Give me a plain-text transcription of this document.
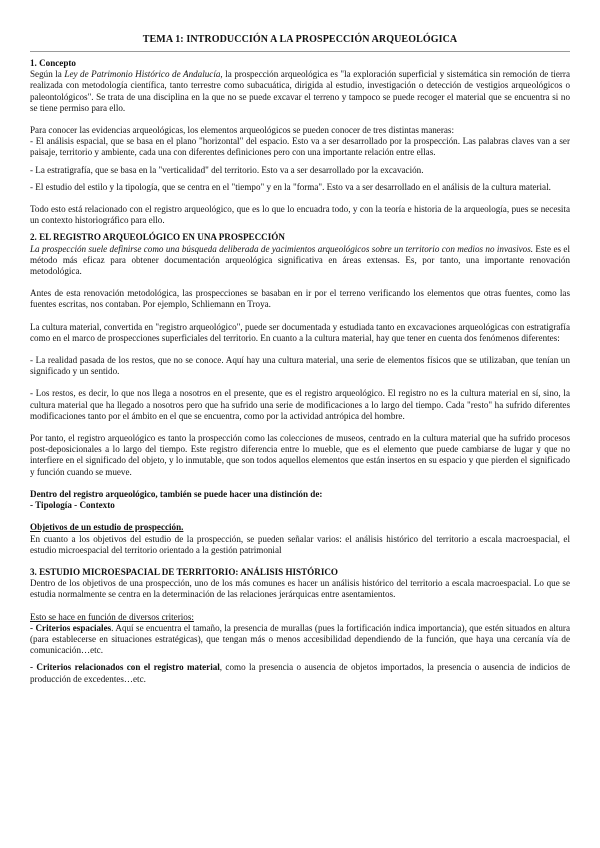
TEMA 1: INTRODUCCIÓN A LA PROSPECCIÓN ARQUEOLÓGICA

1. Concepto

Según la Ley de Patrimonio Histórico de Andalucía, la prospección arqueológica es "la exploración superficial y sistemática sin remoción de tierra realizada con metodología científica, tanto terrestre como subacuática, dirigida al estudio, investigación o detección de vestigios arqueológicos o paleontológicos". Se trata de una disciplina en la que no se puede excavar el terreno y tampoco se puede recoger el material que se encuentra si no se tiene permiso para ello.

Para conocer las evidencias arqueológicas, los elementos arqueológicos se pueden conocer de tres distintas maneras:

- El análisis espacial, que se basa en el plano "horizontal" del espacio. Esto va a ser desarrollado por la prospección. Las palabras claves van a ser paisaje, territorio y ambiente, cada una con diferentes definiciones pero con una importante relación entre ellas.

- La estratigrafía, que se basa en la "verticalidad" del territorio. Esto va a ser desarrollado por la excavación.

- El estudio del estilo y la tipología, que se centra en el "tiempo" y en la "forma". Esto va a ser desarrollado en el análisis de la cultura material.

Todo esto está relacionado con el registro arqueológico, que es lo que lo encuadra todo, y con la teoría e historia de la arqueología, pues se necesita un contexto historiográfico para ello.

2. EL REGISTRO ARQUEOLÓGICO EN UNA PROSPECCIÓN

La prospección suele definirse como una búsqueda deliberada de yacimientos arqueológicos sobre un territorio con medios no invasivos. Este es el método más eficaz para obtener documentación arqueológica significativa en áreas extensas. Es, por tanto, una importante renovación metodológica.

Antes de esta renovación metodológica, las prospecciones se basaban en ir por el terreno verificando los elementos que otras fuentes, como las fuentes escritas, nos contaban. Por ejemplo, Schliemann en Troya.

La cultura material, convertida en "registro arqueológico", puede ser documentada y estudiada tanto en excavaciones arqueológicas con estratigrafía como en el marco de prospecciones superficiales del territorio. En cuanto a la cultura material, hay que tener en cuenta dos fenómenos diferentes:

- La realidad pasada de los restos, que no se conoce. Aquí hay una cultura material, una serie de elementos físicos que se utilizaban, que tenían un significado y un sentido.

- Los restos, es decir, lo que nos llega a nosotros en el presente, que es el registro arqueológico. El registro no es la cultura material en sí, sino, la cultura material que ha llegado a nosotros pero que ha sufrido una serie de modificaciones a lo largo del tiempo. Cada "resto" ha sufrido diferentes modificaciones tanto por el ámbito en el que se encuentra, como por la actividad antrópica del hombre.

Por tanto, el registro arqueológico es tanto la prospección como las colecciones de museos, centrado en la cultura material que ha sufrido procesos post-deposicionales a lo largo del tiempo. Este registro diferencia entre lo mueble, que es el elemento que puede cambiarse de lugar y que no interfiere en el significado del objeto, y lo inmutable, que son todos aquellos elementos que están insertos en su espacio y que pierden el significado y función cuando se mueve.

Dentro del registro arqueológico, también se puede hacer una distinción de:

- Tipología - Contexto

Objetivos de un estudio de prospección.

En cuanto a los objetivos del estudio de la prospección, se pueden señalar varios: el análisis histórico del territorio a escala macroespacial, el estudio microespacial del territorio orientado a la gestión patrimonial

3. ESTUDIO MICROESPACIAL DE TERRITORIO: ANÁLISIS HISTÓRICO

Dentro de los objetivos de una prospección, uno de los más comunes es hacer un análisis histórico del territorio a escala macroespacial. Lo que se estudia normalmente se centra en la determinación de las relaciones jerárquicas entre asentamientos.

Esto se hace en función de diversos criterios:

- Criterios espaciales. Aquí se encuentra el tamaño, la presencia de murallas (pues la fortificación indica importancia), que estén situados en altura (para establecerse en situaciones estratégicas), que tengan más o menos accesibilidad dependiendo de la función, que haya una cercanía vía de comunicación…etc.

- Criterios relacionados con el registro material, como la presencia o ausencia de objetos importados, la presencia o ausencia de indicios de producción de excedentes…etc.
